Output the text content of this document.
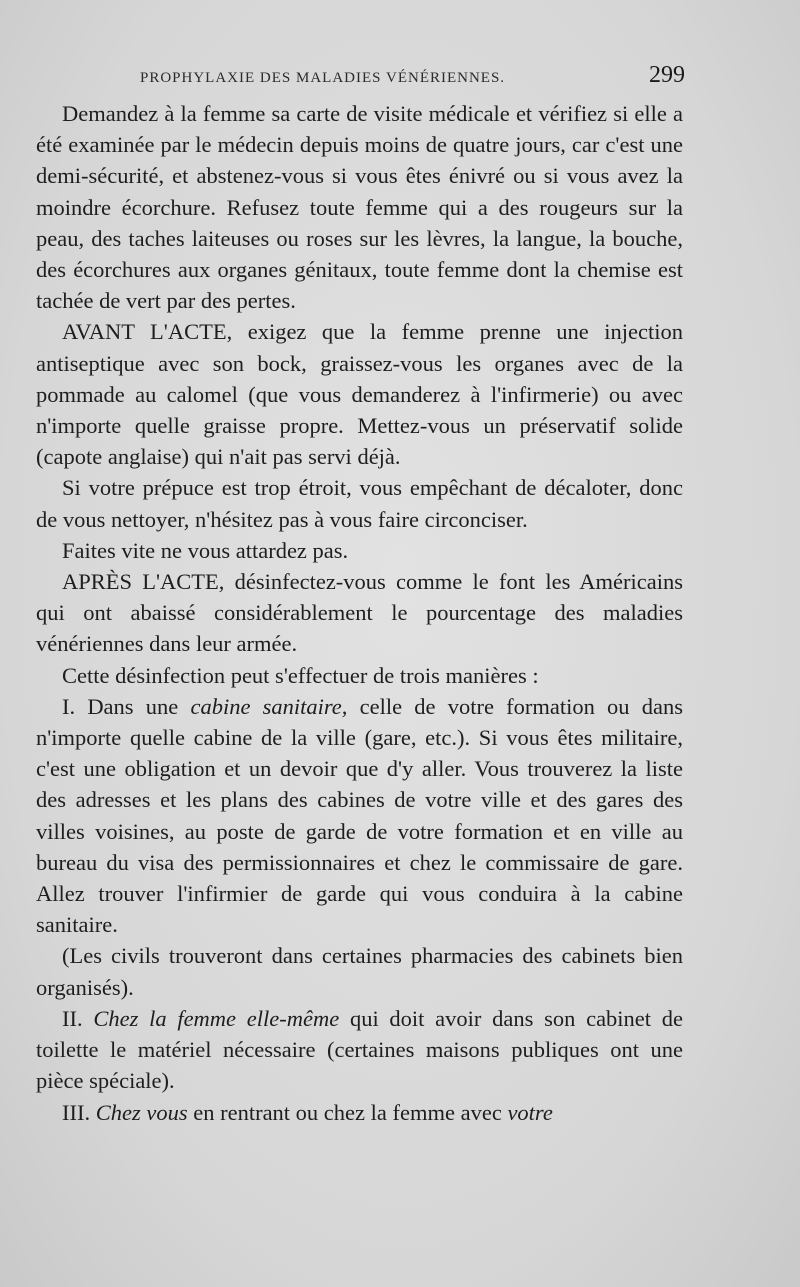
PROPHYLAXIE DES MALADIES VÉNÉRIENNES.	299

Demandez à la femme sa carte de visite médicale et vérifiez si elle a été examinée par le médecin depuis moins de quatre jours, car c'est une demi-sécurité, et abstenez-vous si vous êtes énivré ou si vous avez la moindre écorchure. Refusez toute femme qui a des rougeurs sur la peau, des taches laiteuses ou roses sur les lèvres, la langue, la bouche, des écorchures aux organes génitaux, toute femme dont la chemise est tachée de vert par des pertes.

AVANT L'ACTE, exigez que la femme prenne une injection antiseptique avec son bock, graissez-vous les organes avec de la pommade au calomel (que vous demanderez à l'infirmerie) ou avec n'importe quelle graisse propre. Mettez-vous un préservatif solide (capote anglaise) qui n'ait pas servi déjà.

Si votre prépuce est trop étroit, vous empêchant de décaloter, donc de vous nettoyer, n'hésitez pas à vous faire circonciser.

Faites vite ne vous attardez pas.

APRÈS L'ACTE, désinfectez-vous comme le font les Américains qui ont abaissé considérablement le pourcentage des maladies vénériennes dans leur armée.

Cette désinfection peut s'effectuer de trois manières :

I. Dans une cabine sanitaire, celle de votre formation ou dans n'importe quelle cabine de la ville (gare, etc.). Si vous êtes militaire, c'est une obligation et un devoir que d'y aller. Vous trouverez la liste des adresses et les plans des cabines de votre ville et des gares des villes voisines, au poste de garde de votre formation et en ville au bureau du visa des permissionnaires et chez le commissaire de gare. Allez trouver l'infirmier de garde qui vous conduira à la cabine sanitaire.

(Les civils trouveront dans certaines pharmacies des cabinets bien organisés).

II. Chez la femme elle-même qui doit avoir dans son cabinet de toilette le matériel nécessaire (certaines maisons publiques ont une pièce spéciale).

III. Chez vous en rentrant ou chez la femme avec votre
